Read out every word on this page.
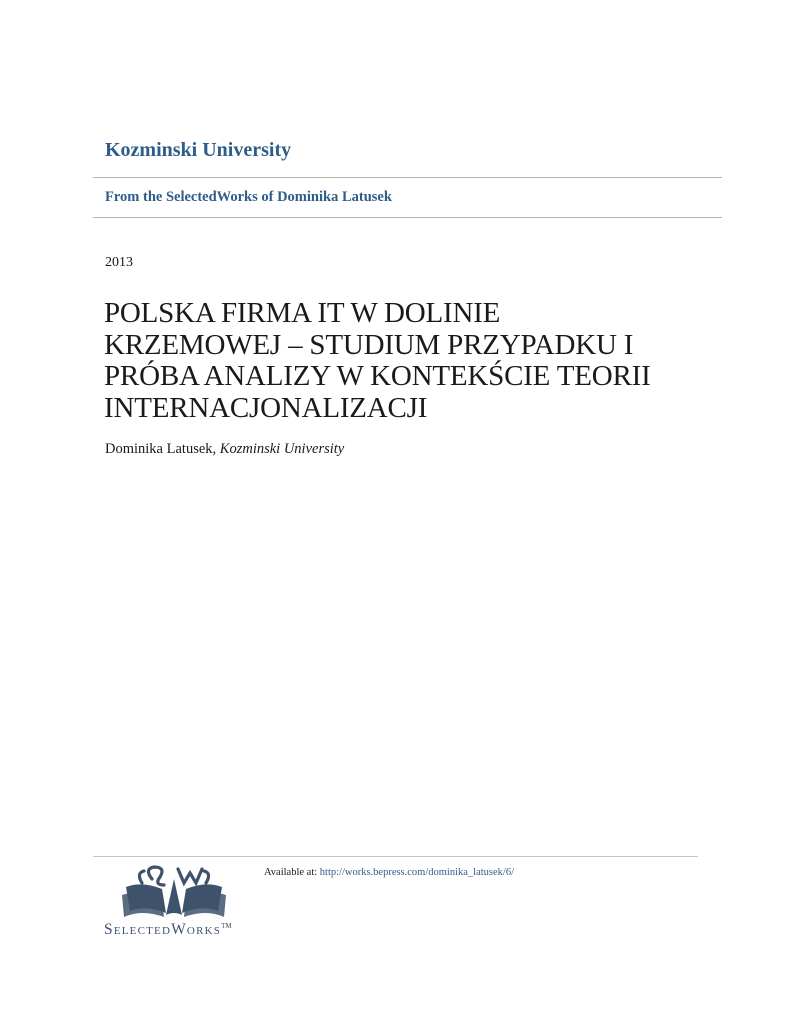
Kozminski University
From the SelectedWorks of Dominika Latusek
2013
POLSKA FIRMA IT W DOLINIE
KRZEMOWEJ – STUDIUM PRZYPADKU I
PRÓBA ANALIZY W KONTEKŚCIE TEORII
INTERNACJONALIZACJI
Dominika Latusek, Kozminski University
SelectedWorks™
Available at: http://works.bepress.com/dominika_latusek/6/
